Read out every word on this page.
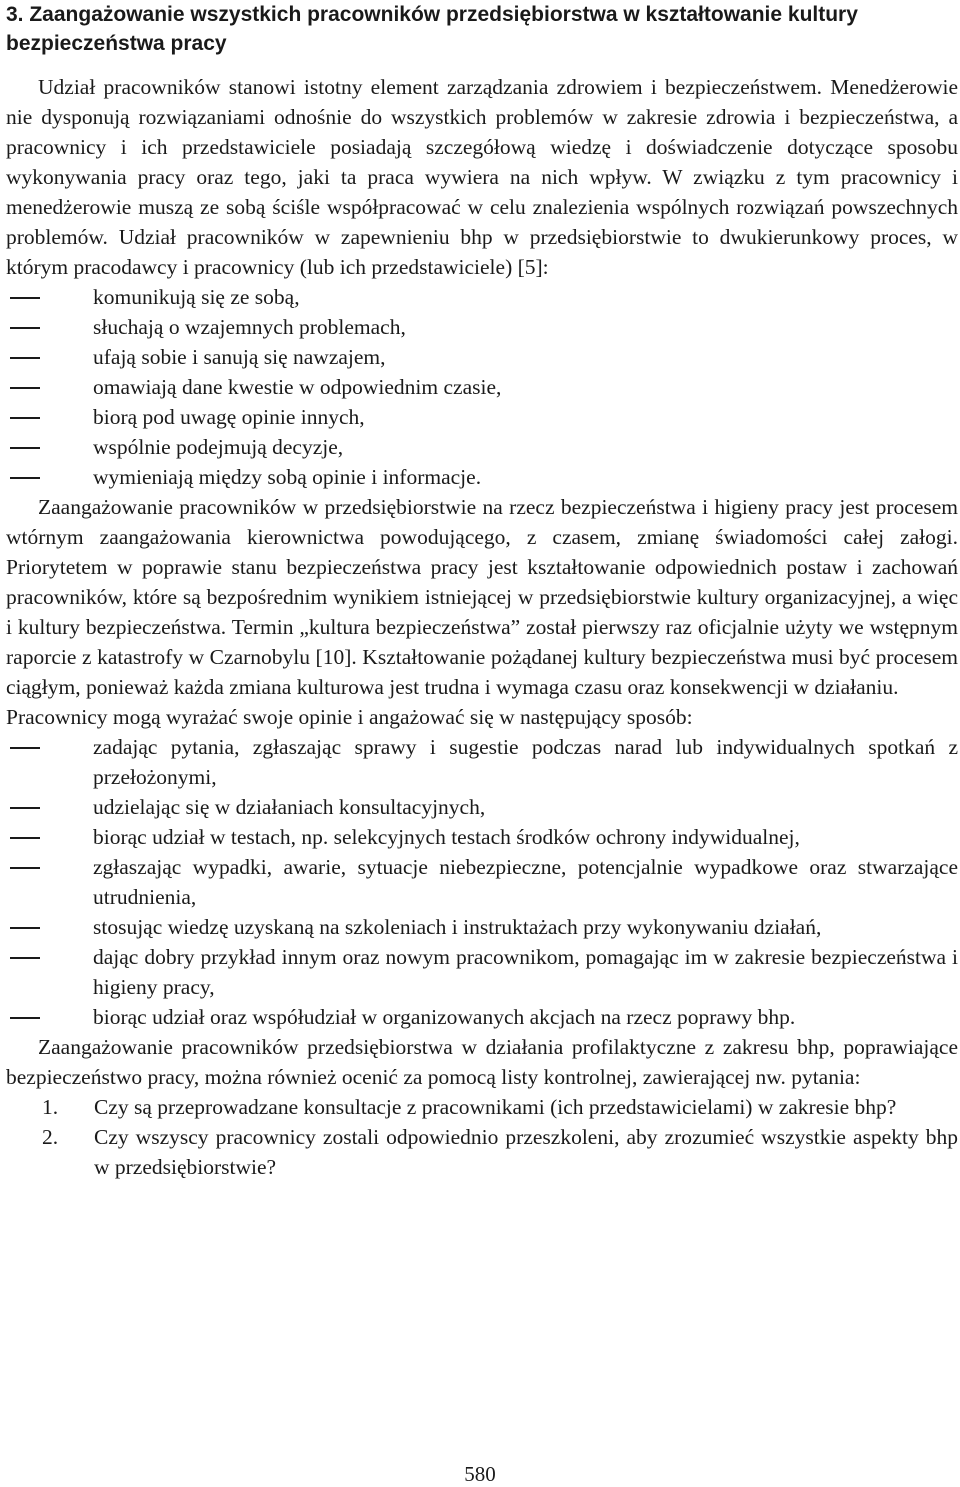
3. Zaangażowanie wszystkich pracowników przedsiębiorstwa w kształtowanie kultury bezpieczeństwa pracy

Udział pracowników stanowi istotny element zarządzania zdrowiem i bezpieczeństwem. Menedżerowie nie dysponują rozwiązaniami odnośnie do wszystkich problemów w zakresie zdrowia i bezpieczeństwa, a pracownicy i ich przedstawiciele posiadają szczegółową wiedzę i doświadczenie dotyczące sposobu wykonywania pracy oraz tego, jaki ta praca wywiera na nich wpływ. W związku z tym pracownicy i menedżerowie muszą ze sobą ściśle współpracować w celu znalezienia wspólnych rozwiązań powszechnych problemów. Udział pracowników w zapewnieniu bhp w przedsiębiorstwie to dwukierunkowy proces, w którym pracodawcy i pracownicy (lub ich przedstawiciele) [5]:

komunikują się ze sobą,
słuchają o wzajemnych problemach,
ufają sobie i sanują się nawzajem,
omawiają dane kwestie w odpowiednim czasie,
biorą pod uwagę opinie innych,
wspólnie podejmują decyzje,
wymieniają między sobą opinie i informacje.

Zaangażowanie pracowników w przedsiębiorstwie na rzecz bezpieczeństwa i higieny pracy jest procesem wtórnym zaangażowania kierownictwa powodującego, z czasem, zmianę świadomości całej załogi. Priorytetem w poprawie stanu bezpieczeństwa pracy jest kształtowanie odpowiednich postaw i zachowań pracowników, które są bezpośrednim wynikiem istniejącej w przedsiębiorstwie kultury organizacyjnej, a więc i kultury bezpieczeństwa. Termin „kultura bezpieczeństwa” został pierwszy raz oficjalnie użyty we wstępnym raporcie z katastrofy w Czarnobylu [10]. Kształtowanie pożądanej kultury bezpieczeństwa musi być procesem ciągłym, ponieważ każda zmiana kulturowa jest trudna i wymaga czasu oraz konsekwencji w działaniu.

Pracownicy mogą wyrażać swoje opinie i angażować się w następujący sposób:

zadając pytania, zgłaszając sprawy i sugestie podczas narad lub indywidualnych spotkań z przełożonymi,
udzielając się w działaniach konsultacyjnych,
biorąc udział w testach, np. selekcyjnych testach środków ochrony indywidualnej,
zgłaszając wypadki, awarie, sytuacje niebezpieczne, potencjalnie wypadkowe oraz stwarzające utrudnienia,
stosując wiedzę uzyskaną na szkoleniach i instruktażach przy wykonywaniu działań,
dając dobry przykład innym oraz nowym pracownikom, pomagając im w zakresie bezpieczeństwa i higieny pracy,
biorąc udział oraz współudział w organizowanych akcjach na rzecz poprawy bhp.

Zaangażowanie pracowników przedsiębiorstwa w działania profilaktyczne z zakresu bhp, poprawiające bezpieczeństwo pracy, można również ocenić za pomocą listy kontrolnej, zawierającej nw. pytania:

1. Czy są przeprowadzane konsultacje z pracownikami (ich przedstawicielami) w zakresie bhp?
2. Czy wszyscy pracownicy zostali odpowiednio przeszkoleni, aby zrozumieć wszystkie aspekty bhp w przedsiębiorstwie?
580
